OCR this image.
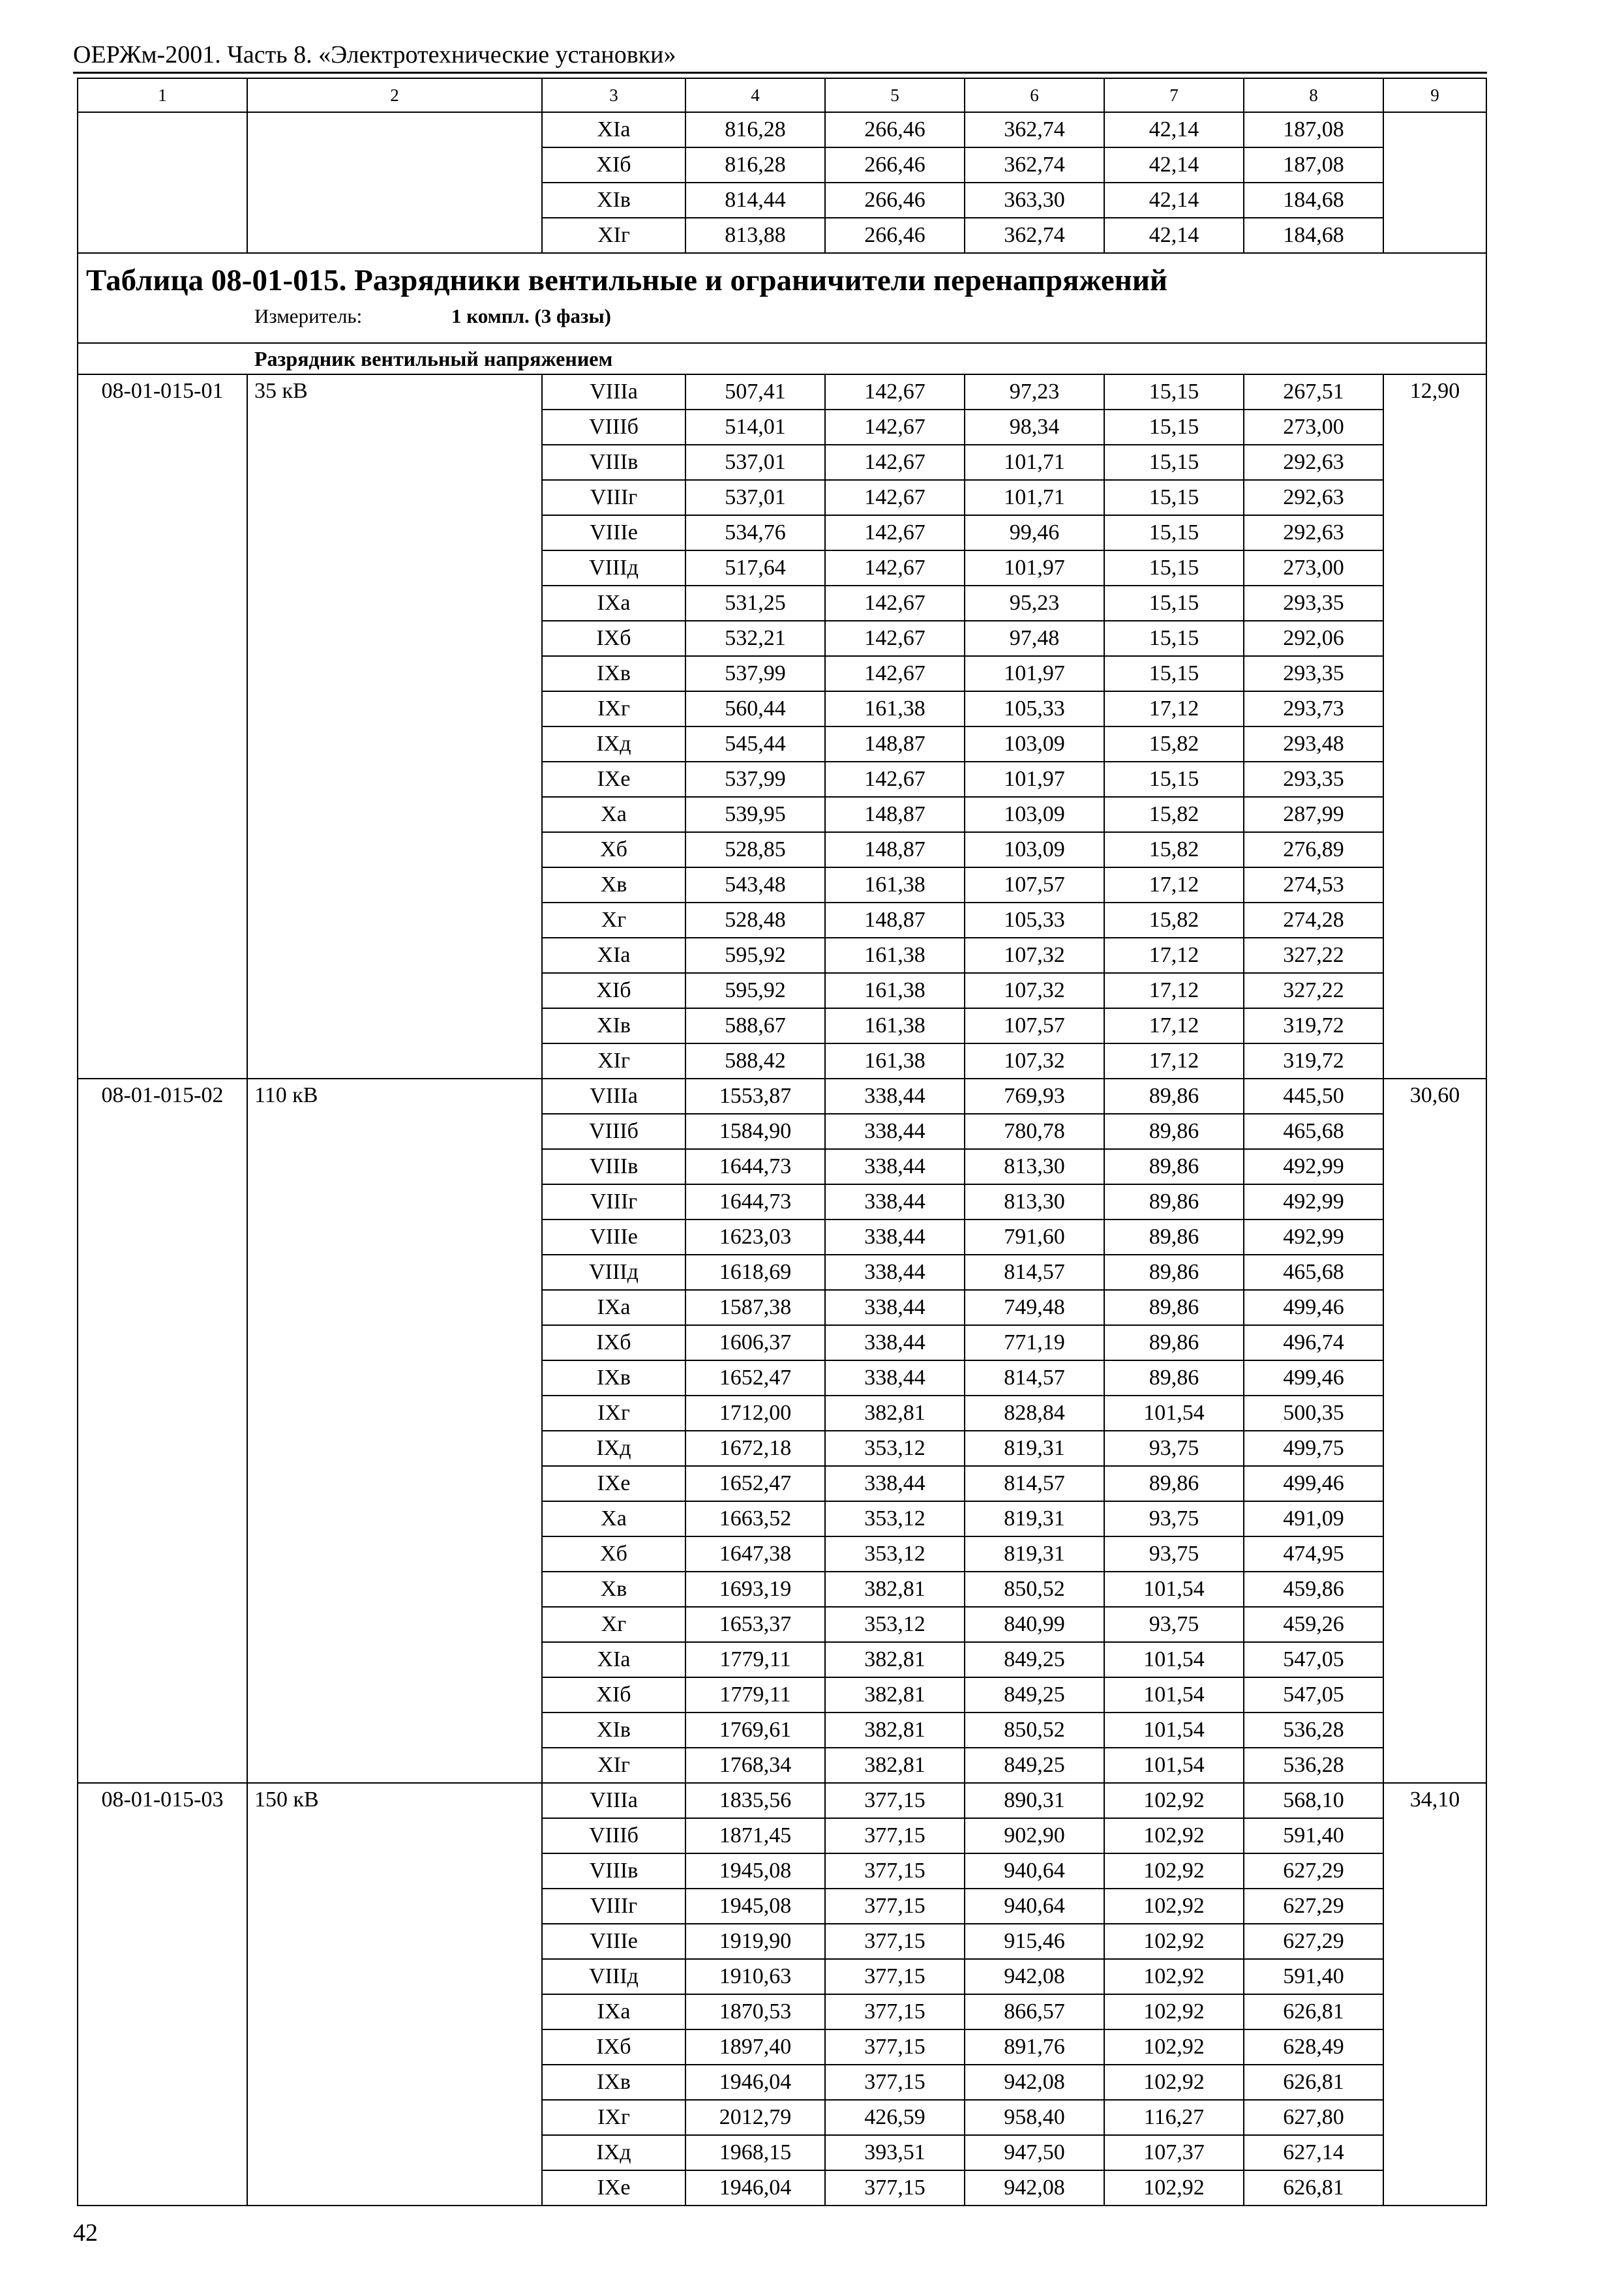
ОЕРЖм-2001. Часть 8. «Электротехнические установки»
1	2	3	4	5	6	7	8	9
		XIa	816,28	266,46	362,74	42,14	187,08	
		XIб	816,28	266,46	362,74	42,14	187,08	
		XIв	814,44	266,46	363,30	42,14	184,68	
		XIг	813,88	266,46	362,74	42,14	184,68	

Таблица 08-01-015. Разрядники вентильные и ограничители перенапряжений
Измеритель: 1 компл. (3 фазы)								

Разрядник вентильный напряжением								
08-01-015-01	35 кВ	VIIIa	507,41	142,67	97,23	15,15	267,51	12,90
		VIIIб	514,01	142,67	98,34	15,15	273,00	
		VIIIв	537,01	142,67	101,71	15,15	292,63	
		VIIIг	537,01	142,67	101,71	15,15	292,63	
		VIIIe	534,76	142,67	99,46	15,15	292,63	
		VIIIд	517,64	142,67	101,97	15,15	273,00	
		IXa	531,25	142,67	95,23	15,15	293,35	
		IXб	532,21	142,67	97,48	15,15	292,06	
		IXв	537,99	142,67	101,97	15,15	293,35	
		IXг	560,44	161,38	105,33	17,12	293,73	
		IXд	545,44	148,87	103,09	15,82	293,48	
		IXe	537,99	142,67	101,97	15,15	293,35	
		Xa	539,95	148,87	103,09	15,82	287,99	
		Xб	528,85	148,87	103,09	15,82	276,89	
		Xв	543,48	161,38	107,57	17,12	274,53	
		Xг	528,48	148,87	105,33	15,82	274,28	
		XIa	595,92	161,38	107,32	17,12	327,22	
		XIб	595,92	161,38	107,32	17,12	327,22	
		XIв	588,67	161,38	107,57	17,12	319,72	
		XIг	588,42	161,38	107,32	17,12	319,72	
08-01-015-02	110 кВ	VIIIa	1553,87	338,44	769,93	89,86	445,50	30,60
		VIIIб	1584,90	338,44	780,78	89,86	465,68	
		VIIIв	1644,73	338,44	813,30	89,86	492,99	
		VIIIг	1644,73	338,44	813,30	89,86	492,99	
		VIIIe	1623,03	338,44	791,60	89,86	492,99	
		VIIIд	1618,69	338,44	814,57	89,86	465,68	
		IXa	1587,38	338,44	749,48	89,86	499,46	
		IXб	1606,37	338,44	771,19	89,86	496,74	
		IXв	1652,47	338,44	814,57	89,86	499,46	
		IXг	1712,00	382,81	828,84	101,54	500,35	
		IXд	1672,18	353,12	819,31	93,75	499,75	
		IXe	1652,47	338,44	814,57	89,86	499,46	
		Xa	1663,52	353,12	819,31	93,75	491,09	
		Xб	1647,38	353,12	819,31	93,75	474,95	
		Xв	1693,19	382,81	850,52	101,54	459,86	
		Xг	1653,37	353,12	840,99	93,75	459,26	
		XIa	1779,11	382,81	849,25	101,54	547,05	
		XIб	1779,11	382,81	849,25	101,54	547,05	
		XIв	1769,61	382,81	850,52	101,54	536,28	
		XIг	1768,34	382,81	849,25	101,54	536,28	
08-01-015-03	150 кВ	VIIIa	1835,56	377,15	890,31	102,92	568,10	34,10
		VIIIб	1871,45	377,15	902,90	102,92	591,40	
		VIIIв	1945,08	377,15	940,64	102,92	627,29	
		VIIIг	1945,08	377,15	940,64	102,92	627,29	
		VIIIe	1919,90	377,15	915,46	102,92	627,29	
		VIIIд	1910,63	377,15	942,08	102,92	591,40	
		IXa	1870,53	377,15	866,57	102,92	626,81	
		IXб	1897,40	377,15	891,76	102,92	628,49	
		IXв	1946,04	377,15	942,08	102,92	626,81	
		IXг	2012,79	426,59	958,40	116,27	627,80	
		IXд	1968,15	393,51	947,50	107,37	627,14	
		IXe	1946,04	377,15	942,08	102,92	626,81	
42
